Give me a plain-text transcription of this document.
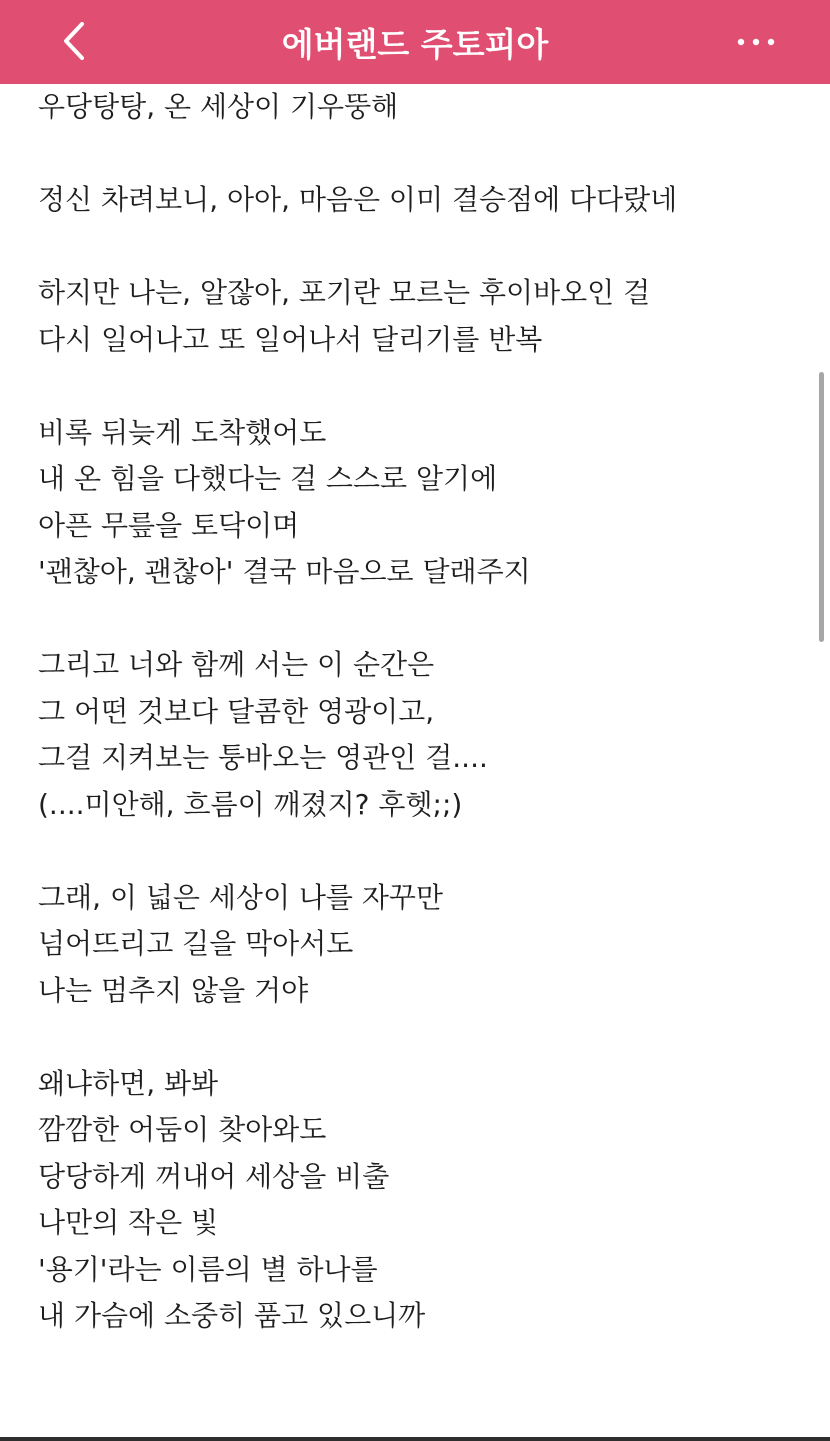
에버랜드 주토피아
우당탕탕, 온 세상이 기우뚱해
정신 차려보니, 아아, 마음은 이미 결승점에 다다랐네
하지만 나는, 알잖아, 포기란 모르는 후이바오인 걸
다시 일어나고 또 일어나서 달리기를 반복
비록 뒤늦게 도착했어도
내 온 힘을 다했다는 걸 스스로 알기에
아픈 무릎을 토닥이며
'괜찮아, 괜찮아' 결국 마음으로 달래주지
그리고 너와 함께 서는 이 순간은
그 어떤 것보다 달콤한 영광이고,
그걸 지켜보는 퉁바오는 영관인 걸....
(....미안해, 흐름이 깨졌지? 후헷;;)
그래, 이 넓은 세상이 나를 자꾸만
넘어뜨리고 길을 막아서도
나는 멈추지 않을 거야
왜냐하면, 봐봐
깜깜한 어둠이 찾아와도
당당하게 꺼내어 세상을 비출
나만의 작은 빛
'용기'라는 이름의 별 하나를
내 가슴에 소중히 품고 있으니까
